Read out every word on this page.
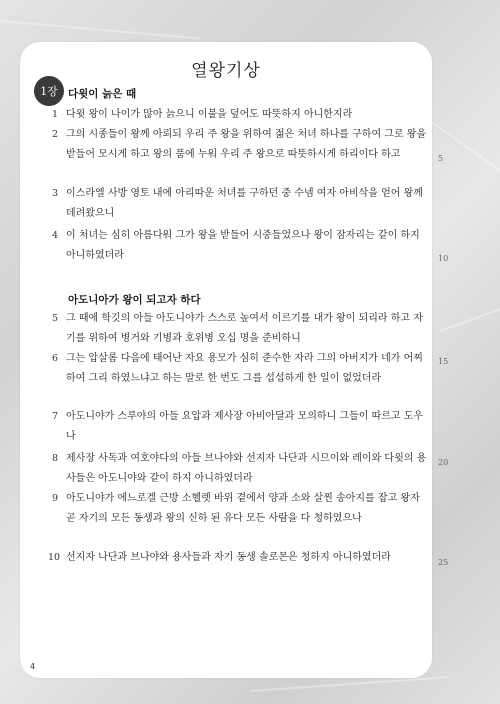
열왕기상
1장 다윗이 늙은 때
1 다윗 왕이 나이가 많아 늙으니 이불을 덮어도 따뜻하지 아니한지라
2 그의 시종들이 왕께 아뢰되 우리 주 왕을 위하여 젊은 처녀 하나를 구하여 그로 왕을 받들어 모시게 하고 왕의 품에 누워 우리 주 왕으로 따뜻하시게 하리이다 하고
3 이스라엘 사방 영토 내에 아리따운 처녀를 구하던 중 수넴 여자 아비삭을 얻어 왕께 데려왔으니
4 이 처녀는 심히 아름다워 그가 왕을 받들어 시중들었으나 왕이 잠자리는 같이 하지 아니하였더라
아도니아가 왕이 되고자 하다
5 그 때에 학깃의 아들 아도니야가 스스로 높여서 이르기를 내가 왕이 되리라 하고 자기를 위하여 병거와 기병과 호위병 오십 명을 준비하니
6 그는 압살롬 다음에 태어난 자요 용모가 심히 준수한 자라 그의 아버지가 네가 어찌하여 그리 하였느냐고 하는 말로 한 번도 그를 섭섭하게 한 일이 없었더라
7 아도니야가 스루야의 아들 요압과 제사장 아비아달과 모의하니 그들이 따르고 도우나
8 제사장 사독과 여호야다의 아들 브나야와 선지자 나단과 시므이와 레이와 다윗의 용사들은 아도니야와 같이 하지 아니하였더라
9 아도니야가 에느로겔 근방 소헬렛 바위 곁에서 양과 소와 살찐 송아지를 잡고 왕자 곧 자기의 모든 동생과 왕의 신하 된 유다 모든 사람을 다 청하였으나
10 선지자 나단과 브나야와 용사들과 자기 동생 솔로몬은 청하지 아니하였더라
5
10
15
20
25
4
